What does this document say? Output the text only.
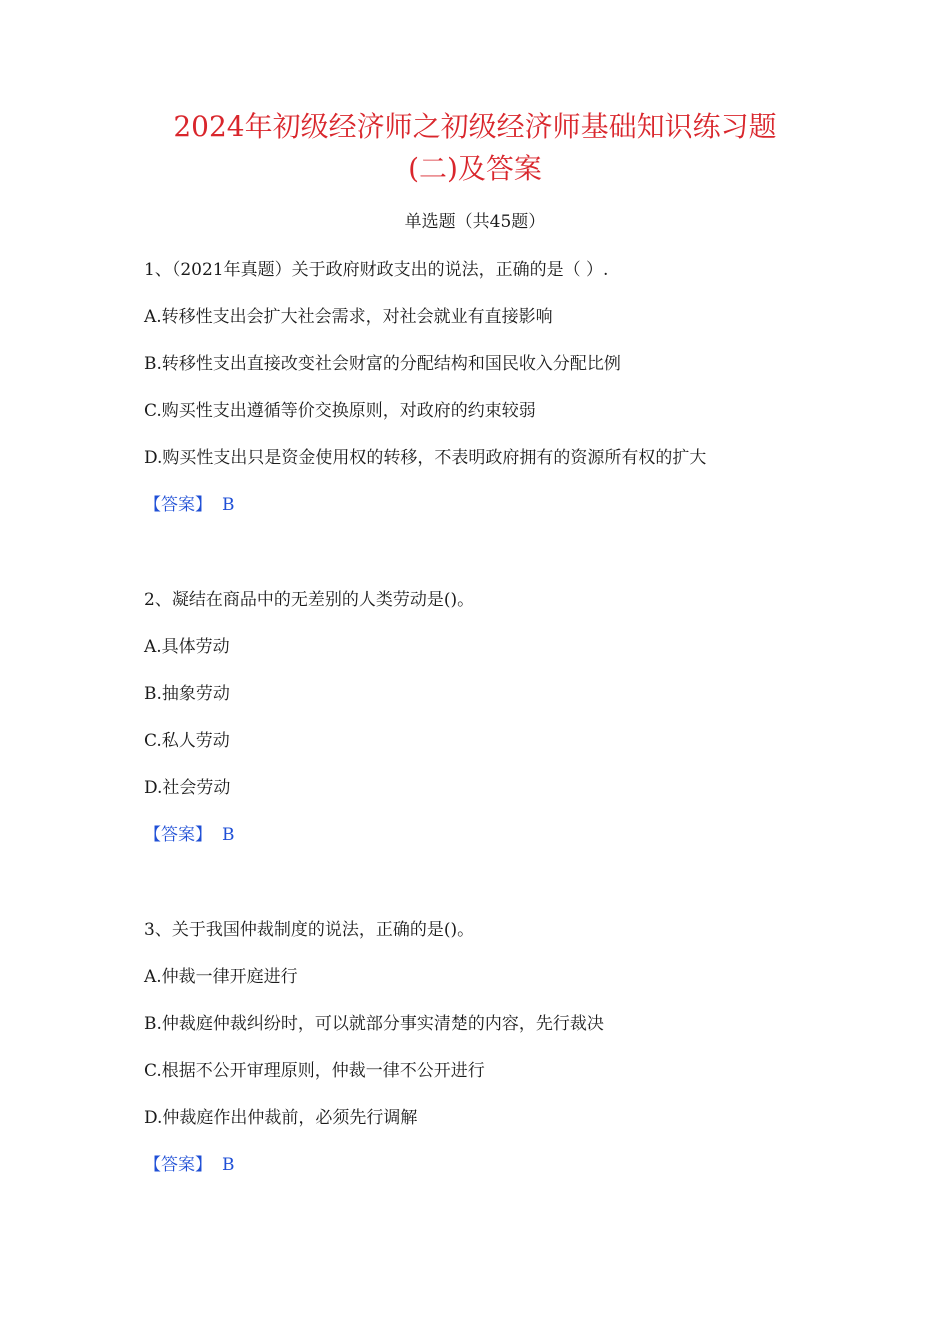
2024年初级经济师之初级经济师基础知识练习题
(二)及答案

单选题（共45题）

1、（2021年真题）关于政府财政支出的说法，正确的是（ ）.

A.转移性支出会扩大社会需求，对社会就业有直接影响

B.转移性支出直接改变社会财富的分配结构和国民收入分配比例

C.购买性支出遵循等价交换原则，对政府的约束较弱

D.购买性支出只是资金使用权的转移，不表明政府拥有的资源所有权的扩大

【答案】 B

2、凝结在商品中的无差别的人类劳动是()。

A.具体劳动

B.抽象劳动

C.私人劳动

D.社会劳动

【答案】 B

3、关于我国仲裁制度的说法，正确的是()。

A.仲裁一律开庭进行

B.仲裁庭仲裁纠纷时，可以就部分事实清楚的内容，先行裁决

C.根据不公开审理原则，仲裁一律不公开进行

D.仲裁庭作出仲裁前，必须先行调解

【答案】 B
